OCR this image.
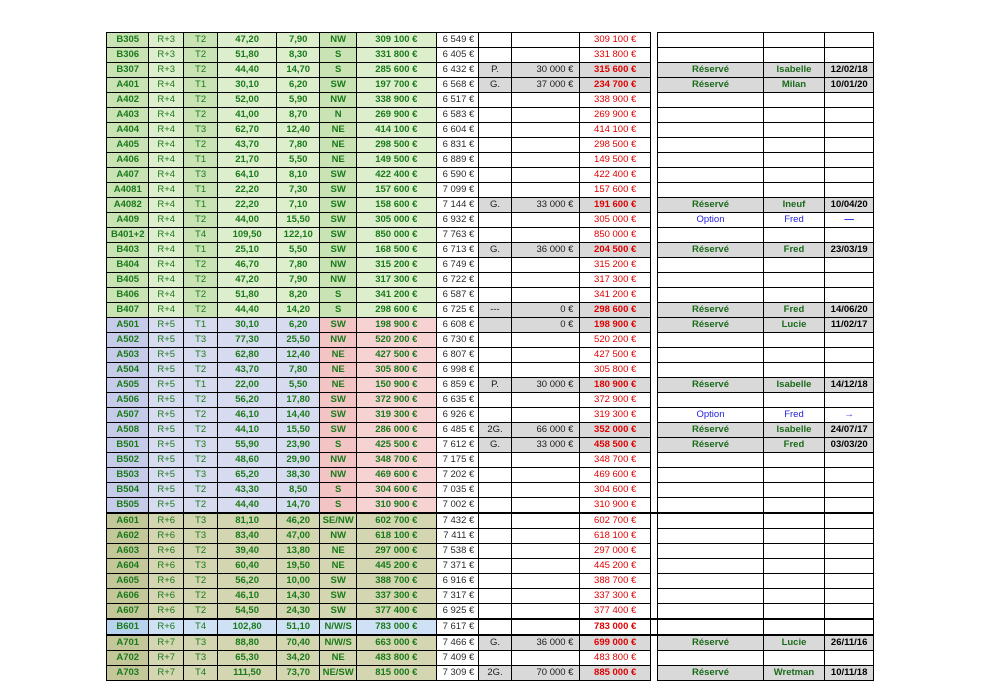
B305	R+3	T2	47,20	7,90	NW	309 100 €	6 549 €			309 100 €				
B306	R+3	T2	51,80	8,30	S	331 800 €	6 405 €			331 800 €				
B307	R+3	T2	44,40	14,70	S	285 600 €	6 432 €	P.	30 000 €	315 600 €		Réservé	Isabelle	12/02/18
A401	R+4	T1	30,10	6,20	SW	197 700 €	6 568 €	G.	37 000 €	234 700 €		Réservé	Milan	10/01/20
A402	R+4	T2	52,00	5,90	NW	338 900 €	6 517 €			338 900 €				
A403	R+4	T2	41,00	8,70	N	269 900 €	6 583 €			269 900 €				
A404	R+4	T3	62,70	12,40	NE	414 100 €	6 604 €			414 100 €				
A405	R+4	T2	43,70	7,80	NE	298 500 €	6 831 €			298 500 €				
A406	R+4	T1	21,70	5,50	NE	149 500 €	6 889 €			149 500 €				
A407	R+4	T3	64,10	8,10	SW	422 400 €	6 590 €			422 400 €				
A4081	R+4	T1	22,20	7,30	SW	157 600 €	7 099 €			157 600 €				
A4082	R+4	T1	22,20	7,10	SW	158 600 €	7 144 €	G.	33 000 €	191 600 €		Réservé	Ineuf	10/04/20
A409	R+4	T2	44,00	15,50	SW	305 000 €	6 932 €			305 000 €		Option	Fred	—
B401+2	R+4	T4	109,50	122,10	SW	850 000 €	7 763 €			850 000 €				
B403	R+4	T1	25,10	5,50	SW	168 500 €	6 713 €	G.	36 000 €	204 500 €		Réservé	Fred	23/03/19
B404	R+4	T2	46,70	7,80	NW	315 200 €	6 749 €			315 200 €				
B405	R+4	T2	47,20	7,90	NW	317 300 €	6 722 €			317 300 €				
B406	R+4	T2	51,80	8,20	S	341 200 €	6 587 €			341 200 €				
B407	R+4	T2	44,40	14,20	S	298 600 €	6 725 €	---	0 €	298 600 €		Réservé	Fred	14/06/20
A501	R+5	T1	30,10	6,20	SW	198 900 €	6 608 €		0 €	198 900 €		Réservé	Lucie	11/02/17
A502	R+5	T3	77,30	25,50	NW	520 200 €	6 730 €			520 200 €				
A503	R+5	T3	62,80	12,40	NE	427 500 €	6 807 €			427 500 €				
A504	R+5	T2	43,70	7,80	NE	305 800 €	6 998 €			305 800 €				
A505	R+5	T1	22,00	5,50	NE	150 900 €	6 859 €	P.	30 000 €	180 900 €		Réservé	Isabelle	14/12/18
A506	R+5	T2	56,20	17,80	SW	372 900 €	6 635 €			372 900 €				
A507	R+5	T2	46,10	14,40	SW	319 300 €	6 926 €			319 300 €		Option	Fred	→
A508	R+5	T2	44,10	15,50	SW	286 000 €	6 485 €	2G.	66 000 €	352 000 €		Réservé	Isabelle	24/07/17
B501	R+5	T3	55,90	23,90	S	425 500 €	7 612 €	G.	33 000 €	458 500 €		Réservé	Fred	03/03/20
B502	R+5	T2	48,60	29,90	NW	348 700 €	7 175 €			348 700 €				
B503	R+5	T3	65,20	38,30	NW	469 600 €	7 202 €			469 600 €				
B504	R+5	T2	43,30	8,50	S	304 600 €	7 035 €			304 600 €				
B505	R+5	T2	44,40	14,70	S	310 900 €	7 002 €			310 900 €				
A601	R+6	T3	81,10	46,20	SE/NW	602 700 €	7 432 €			602 700 €				
A602	R+6	T3	83,40	47,00	NW	618 100 €	7 411 €			618 100 €				
A603	R+6	T2	39,40	13,80	NE	297 000 €	7 538 €			297 000 €				
A604	R+6	T3	60,40	19,50	NE	445 200 €	7 371 €			445 200 €				
A605	R+6	T2	56,20	10,00	SW	388 700 €	6 916 €			388 700 €				
A606	R+6	T2	46,10	14,30	SW	337 300 €	7 317 €			337 300 €				
A607	R+6	T2	54,50	24,30	SW	377 400 €	6 925 €			377 400 €				
B601	R+6	T4	102,80	51,10	N/W/S	783 000 €	7 617 €			783 000 €				
A701	R+7	T3	88,80	70,40	N/W/S	663 000 €	7 466 €	G.	36 000 €	699 000 €		Réservé	Lucie	26/11/16
A702	R+7	T3	65,30	34,20	NE	483 800 €	7 409 €			483 800 €				
A703	R+7	T4	111,50	73,70	NE/SW	815 000 €	7 309 €	2G.	70 000 €	885 000 €		Réservé	Wretman	10/11/18
